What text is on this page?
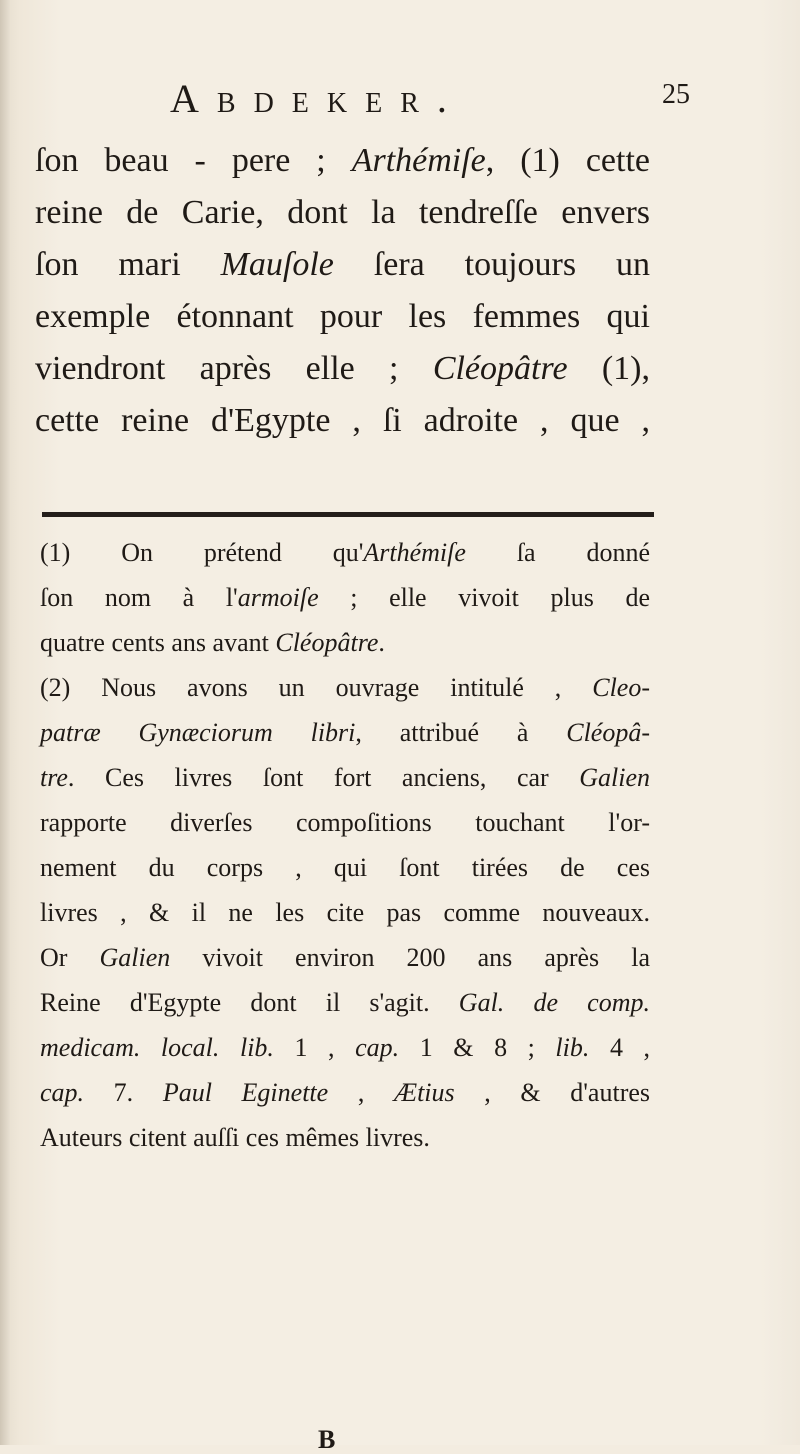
Abdeker.	25
ſon beau - pere ; Arthémiſe, (1) cette
reine de Carie, dont la tendreſſe envers
ſon mari Mauſole ſera toujours un
exemple étonnant pour les femmes qui
viendront après elle ; Cléopâtre (1),
cette reine d'Egypte , ſi adroite , que ,
(1) On prétend qu'Arthémiſe ſa donné
ſon nom à l'armoiſe ; elle vivoit plus de
quatre cents ans avant Cléopâtre.
(2) Nous avons un ouvrage intitulé , Cleo-
patræ Gynæciorum libri, attribué à Cléopâ-
tre. Ces livres ſont fort anciens, car Galien
rapporte diverſes compoſitions touchant l'or-
nement du corps , qui ſont tirées de ces
livres , & il ne les cite pas comme nouveaux.
Or Galien vivoit environ 200 ans après la
Reine d'Egypte dont il s'agit. Gal. de comp.
medicam. local. lib. 1 , cap. 1 & 8 ; lib. 4 ,
cap. 7. Paul Eginette , Ætius , & d'autres
Auteurs citent auſſi ces mêmes livres.
B
